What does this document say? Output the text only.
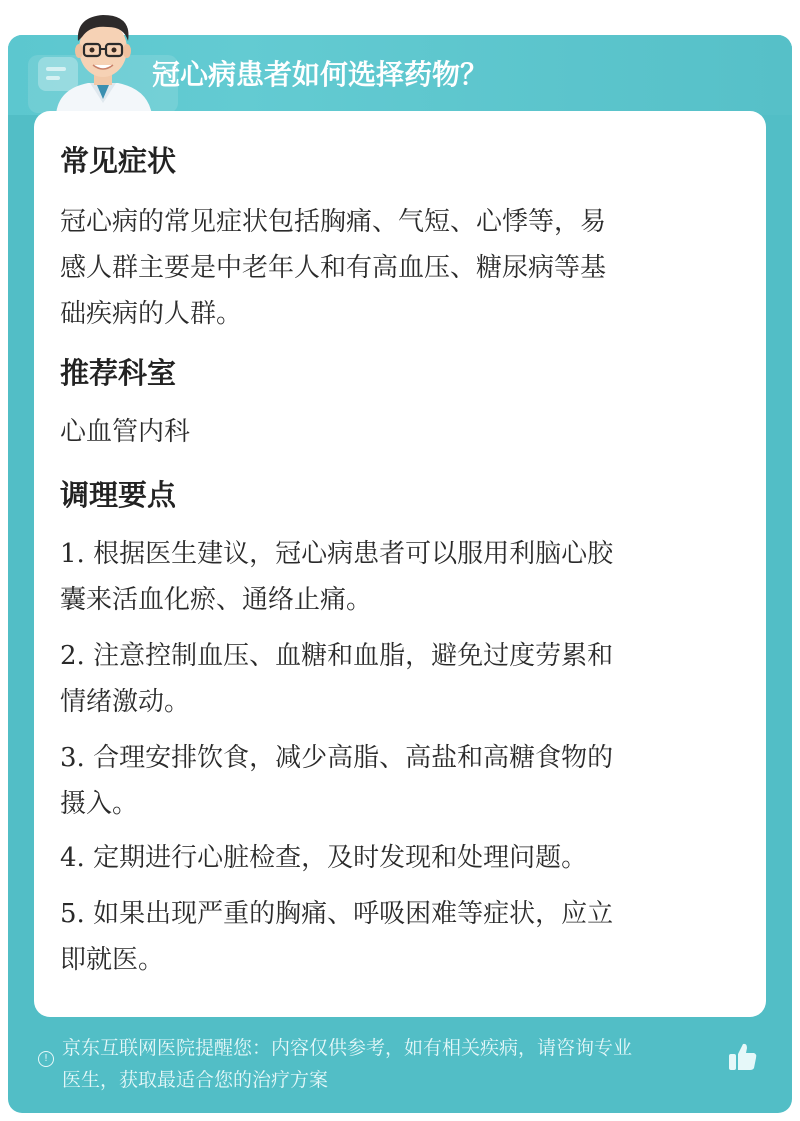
冠心病患者如何选择药物？
常见症状
冠心病的常见症状包括胸痛、气短、心悸等，易
感人群主要是中老年人和有高血压、糖尿病等基
础疾病的人群。
推荐科室
心血管内科
调理要点
1. 根据医生建议，冠心病患者可以服用利脑心胶
囊来活血化瘀、通络止痛。
2. 注意控制血压、血糖和血脂，避免过度劳累和
情绪激动。
3. 合理安排饮食，减少高脂、高盐和高糖食物的
摄入。
4. 定期进行心脏检查，及时发现和处理问题。
5. 如果出现严重的胸痛、呼吸困难等症状，应立
即就医。
! 京东互联网医院提醒您：内容仅供参考，如有相关疾病，请咨询专业
医生，获取最适合您的治疗方案
